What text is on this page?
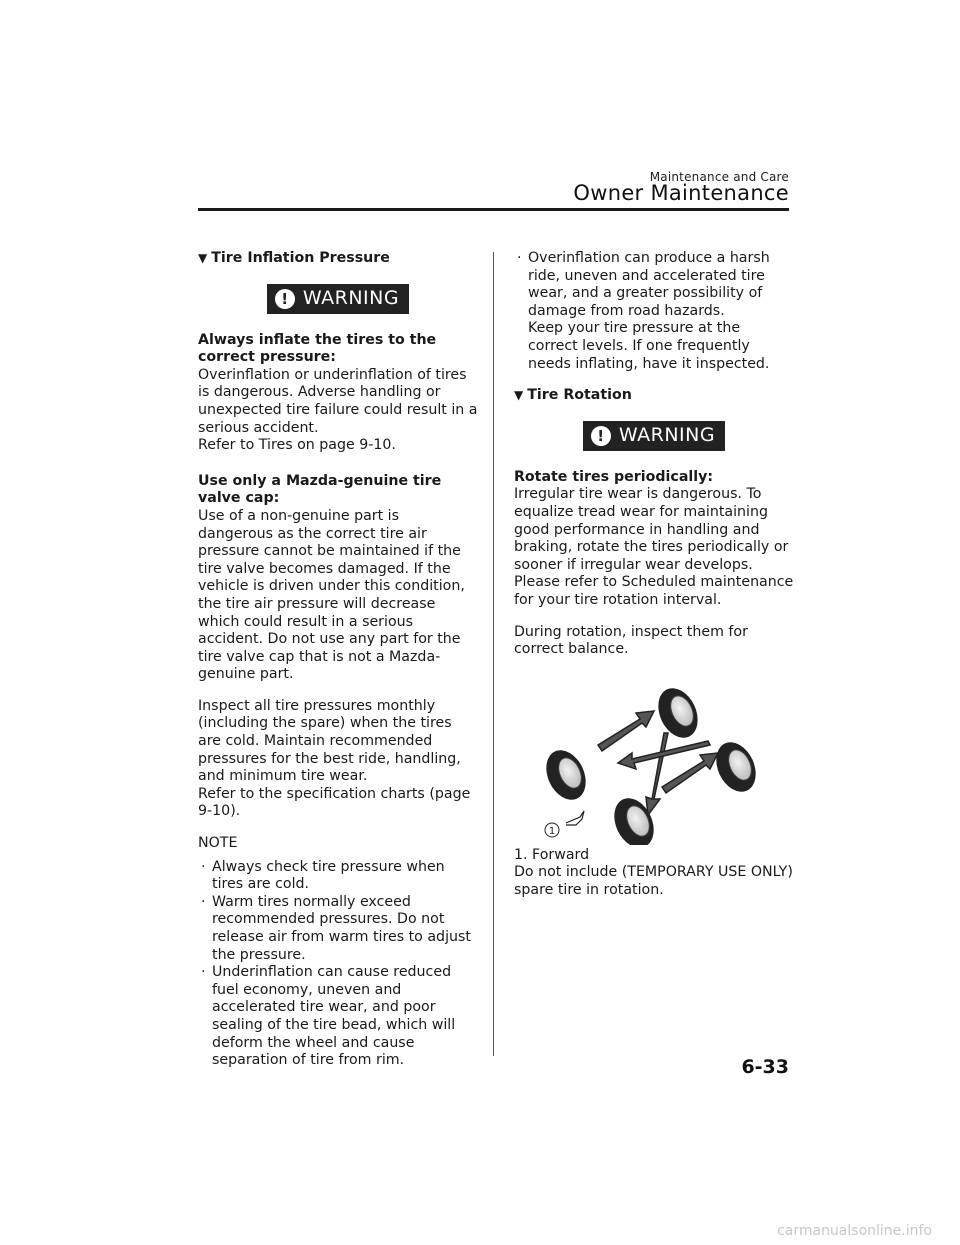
Maintenance and Care
Owner Maintenance
▼ Tire Inflation Pressure
! WARNING
Always inflate the tires to the correct pressure:
Overinflation or underinflation of tires is dangerous. Adverse handling or unexpected tire failure could result in a serious accident.
Refer to Tires on page 9-10.
Use only a Mazda-genuine tire valve cap:
Use of a non-genuine part is dangerous as the correct tire air pressure cannot be maintained if the tire valve becomes damaged. If the vehicle is driven under this condition, the tire air pressure will decrease which could result in a serious accident. Do not use any part for the tire valve cap that is not a Mazda-genuine part.
Inspect all tire pressures monthly (including the spare) when the tires are cold. Maintain recommended pressures for the best ride, handling, and minimum tire wear.
Refer to the specification charts (page 9-10).
NOTE
· Always check tire pressure when tires are cold.
· Warm tires normally exceed recommended pressures. Do not release air from warm tires to adjust the pressure.
· Underinflation can cause reduced fuel economy, uneven and accelerated tire wear, and poor sealing of the tire bead, which will deform the wheel and cause separation of tire from rim.
· Overinflation can produce a harsh ride, uneven and accelerated tire wear, and a greater possibility of damage from road hazards.
Keep your tire pressure at the correct levels. If one frequently needs inflating, have it inspected.
▼ Tire Rotation
! WARNING
Rotate tires periodically:
Irregular tire wear is dangerous. To equalize tread wear for maintaining good performance in handling and braking, rotate the tires periodically or sooner if irregular wear develops. Please refer to Scheduled maintenance for your tire rotation interval.
During rotation, inspect them for correct balance.
1

1. Forward

Do not include (TEMPORARY USE ONLY) spare tire in rotation.

6-33
carmanualsonline.info
